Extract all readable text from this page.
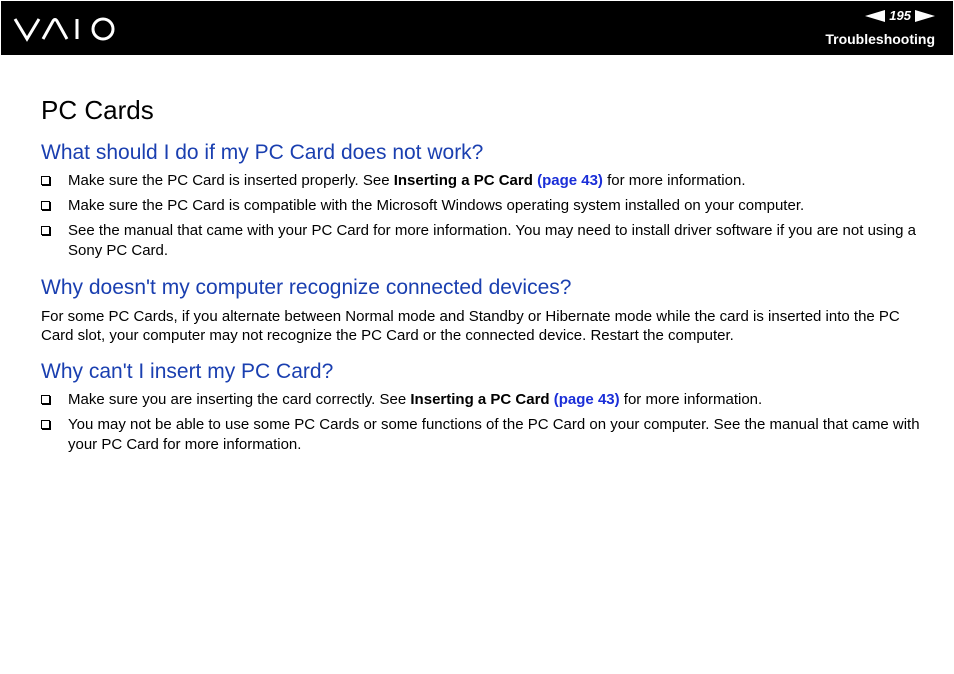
195
Troubleshooting
PC Cards
What should I do if my PC Card does not work?
Make sure the PC Card is inserted properly. See Inserting a PC Card (page 43) for more information.
Make sure the PC Card is compatible with the Microsoft Windows operating system installed on your computer.
See the manual that came with your PC Card for more information. You may need to install driver software if you are not using a Sony PC Card.
Why doesn't my computer recognize connected devices?

For some PC Cards, if you alternate between Normal mode and Standby or Hibernate mode while the card is inserted into the PC Card slot, your computer may not recognize the PC Card or the connected device. Restart the computer.

Why can't I insert my PC Card?
Make sure you are inserting the card correctly. See Inserting a PC Card (page 43) for more information.
You may not be able to use some PC Cards or some functions of the PC Card on your computer. See the manual that came with your PC Card for more information.
